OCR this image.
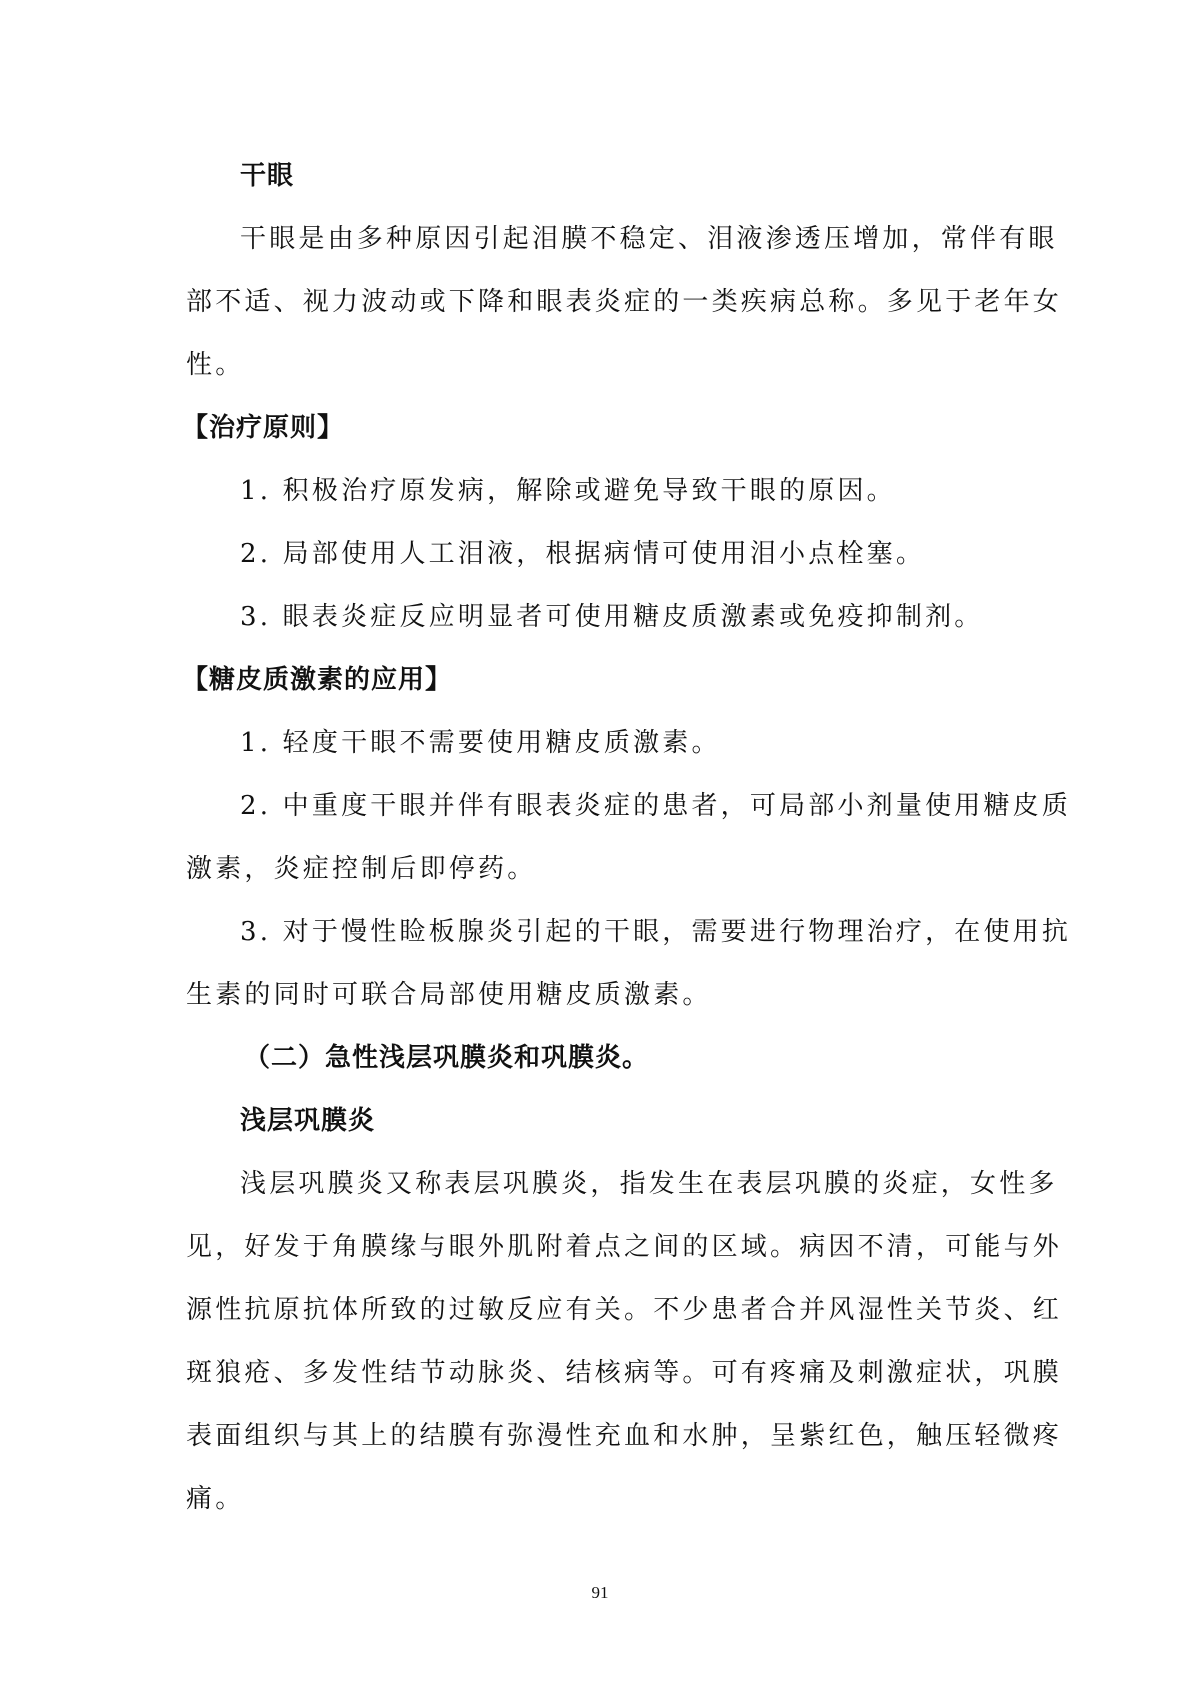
干眼
干眼是由多种原因引起泪膜不稳定、泪液渗透压增加，常伴有眼
部不适、视力波动或下降和眼表炎症的一类疾病总称。多见于老年女
性。
【治疗原则】
1. 积极治疗原发病，解除或避免导致干眼的原因。
2. 局部使用人工泪液，根据病情可使用泪小点栓塞。
3. 眼表炎症反应明显者可使用糖皮质激素或免疫抑制剂。
【糖皮质激素的应用】
1. 轻度干眼不需要使用糖皮质激素。
2. 中重度干眼并伴有眼表炎症的患者，可局部小剂量使用糖皮质
激素，炎症控制后即停药。
3. 对于慢性睑板腺炎引起的干眼，需要进行物理治疗，在使用抗
生素的同时可联合局部使用糖皮质激素。
（二）急性浅层巩膜炎和巩膜炎。
浅层巩膜炎
浅层巩膜炎又称表层巩膜炎，指发生在表层巩膜的炎症，女性多
见，好发于角膜缘与眼外肌附着点之间的区域。病因不清，可能与外
源性抗原抗体所致的过敏反应有关。不少患者合并风湿性关节炎、红
斑狼疮、多发性结节动脉炎、结核病等。可有疼痛及刺激症状，巩膜
表面组织与其上的结膜有弥漫性充血和水肿，呈紫红色，触压轻微疼
痛。
91
